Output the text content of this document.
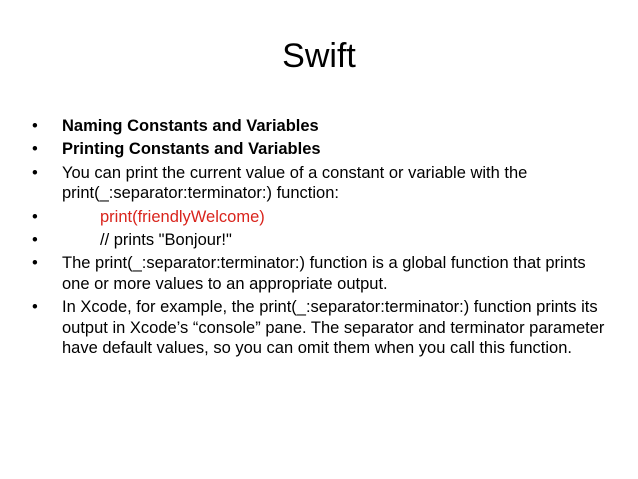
Swift
•	Naming Constants and Variables
•	Printing Constants and Variables
•	You can print the current value of a constant or variable with the print(_:separator:terminator:) function:
•	print(friendlyWelcome)
•	// prints "Bonjour!"
•	The print(_:separator:terminator:) function is a global function that prints one or more values to an appropriate output.
•	In Xcode, for example, the print(_:separator:terminator:) function prints its output in Xcode’s “console” pane. The separator and terminator parameter have default values, so you can omit them when you call this function.
